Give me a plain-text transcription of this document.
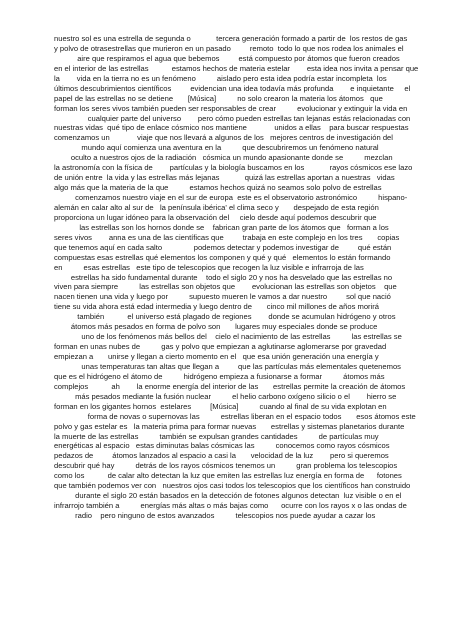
nuestro sol es una estrella de segunda o            tercera generación formado a partir de  los restos de gas
y polvo de otrasestrellas que murieron en un pasado         remoto  todo lo que nos rodea los animales el
aire que respiramos el agua que bebemos         está compuesto por átomos que fueron creados
en el interior de las estrellas           estamos hechos de materia estelar        esta idea nos invita a pensar que
la        vida en la tierra no es un fenómeno          aislado pero esta idea podría estar incompleta  los
últimos descubrimientos científicos         evidencian una idea todavía más profunda        e inquietante     el
papel de las estrellas no se detiene       [Música]          no solo crearon la materia los átomos   que
forman los seres vivos también pueden ser responsables de crear          evolucionar y extinguir la vida en
cualquier parte del universo        pero cómo pueden estrellas tan lejanas estás relacionadas con
nuestras vidas  qué tipo de enlace cósmico nos mantiene             unidos a ellas    para buscar respuestas
comenzamos un             viaje que nos llevará a algunos de los   mejores centros de investigación del
mundo aquí comienza una aventura en la          que descubriremos un fenómeno natural
oculto a nuestros ojos de la radiación   cósmica un mundo apasionante donde se          mezclan
la astronomía con la física de        partículas y la biología buscamos en los            rayos cósmicos ese lazo
de unión entre  la vida y las estrellas más lejanas            quizá las estrellas aportan a nuestras   vidas
algo más que la materia de la que          estamos hechos quizá no seamos solo polvo de estrellas
comenzamos nuestro viaje en el sur de europa  este es el observatorio astronómico          hispano-
alemán en calar alto al sur de   la península ibérica' el clima seco y       despejado de esta región
proporciona un lugar idóneo para la observación del     cielo desde aquí podemos descubrir que
las estrellas son los hornos donde se    fabrican gran parte de los átomos que   forman a los
seres vivos        anna es una de las científicas que         trabaja en este complejo en los tres       copias
que tenemos aquí en cada salto               podemos detectar y podemos investigar de         qué están
compuestas esas estrellas qué elementos los componen y qué y qué   elementos lo están formando
en          esas estrellas   este tipo de telescopios que recogen la luz visible e infrarroja de las
estrellas ha sido fundamental durante    todo el siglo 20 y nos ha desvelado que las estrellas no
viven para siempre          las estrellas son objetos que        evolucionan las estrellas son objetos    que
nacen tienen una vida y luego por          supuesto mueren le vamos a dar nuestro         sol que nació
tiene su vida ahora está edad intermedia y luego dentro de       cinco mil millones de años morirá
también           el universo está plagado de regiones        donde se acumulan hidrógeno y otros
átomos más pesados en forma de polvo son       lugares muy especiales donde se produce
uno de los fenómenos más bellos del    cielo el nacimiento de las estrellas          las estrellas se
forman en unas nubes de          gas y polvo que empiezan a aglutinarse aglomerarse por gravedad
empiezan a       unirse y llegan a cierto momento en el   que esa unión generación una energía y
unas temperaturas tan altas que llegan a         que las partículas más elementales quetenemos
que es el hidrógeno el átomo de          hidrógeno empieza a fusionarse a formar          átomos más
complejos           ah        la enorme energía del interior de las       estrellas permite la creación de átomos
más pesados mediante la fusión nuclear          el helio carbono oxígeno silicio o el        hierro se
forman en los gigantes hornos  estelares         [Música]          cuando al final de su vida explotan en
forma de novas o supernovas las          estrellas liberan en el espacio todos       esos átomos este
polvo y gas estelar es   la materia prima para formar nuevas       estrellas y sistemas planetarios durante
la muerte de las estrellas          también se expulsan grandes cantidades          de partículas muy
energéticas al espacio   estas diminutas balas cósmicas las          conocemos como rayos cósmicos
pedazos de         átomos lanzados al espacio a casi la       velocidad de la luz        pero si queremos
descubrir qué hay          detrás de los rayos cósmicos tenemos un          gran problema los telescopios
como los           de calar alto detectan la luz que emiten las estrellas luz energía en forma de      fotones
que también podemos ver con   nuestros ojos casi todos los telescopios que los científicos han construido
durante el siglo 20 están basados en la detección de fotones algunos detectan  luz visible o en el
infrarrojo también a          energías más altas o más bajas como      ocurre con los rayos x o las ondas de
radio    pero ninguno de estos avanzados          telescopios nos puede ayudar a cazar los
